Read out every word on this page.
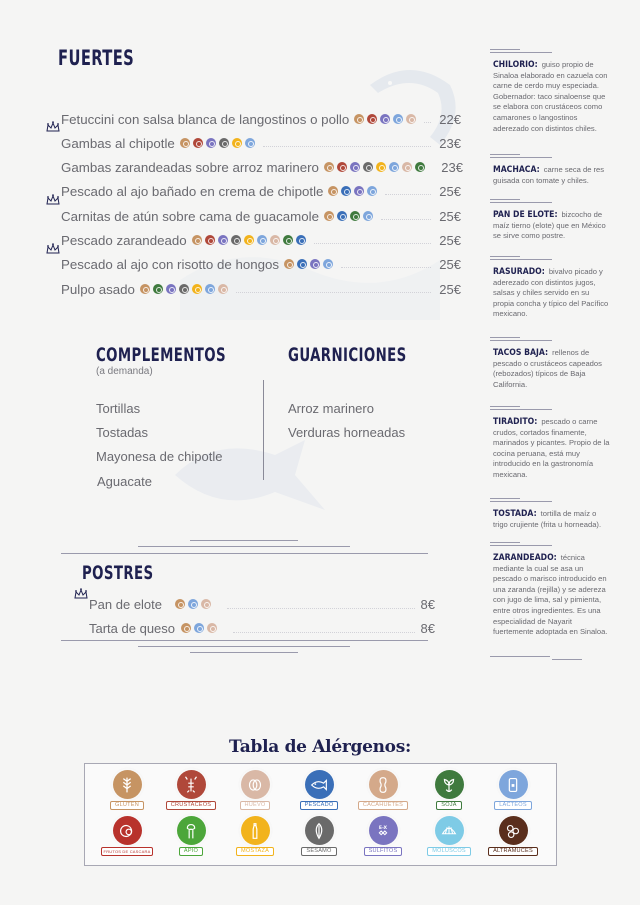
FUERTES
Fetuccini con salsa blanca de langostinos o pollo	22€
Gambas al chipotle	23€
Gambas zarandeadas sobre arroz marinero	23€
Pescado al ajo bañado en crema de chipotle	25€
Carnitas de atún sobre cama de guacamole	25€
Pescado zarandeado	25€
Pescado al ajo con risotto de hongos	25€
Pulpo asado	25€
COMPLEMENTOS
(a demanda)
Tortillas
Tostadas
Mayonesa de chipotle
Aguacate
GUARNICIONES
Arroz marinero
Verduras horneadas
POSTRES
Pan de elote	8€
Tarta de queso	8€
CHILORIO: guiso propio de Sinaloa elaborado en cazuela con carne de cerdo muy especiada. Gobernador: taco sinaloense que se elabora con crustáceos como camarones o langostinos aderezado con distintos chiles.
MACHACA: carne seca de res guisada con tomate y chiles.
PAN DE ELOTE: bizcocho de maíz tierno (elote) que en México se sirve como postre.
RASURADO: bivalvo picado y aderezado con distintos jugos, salsas y chiles servido en su propia concha y típico del Pacífico mexicano.
TACOS BAJA: rellenos de pescado o crustáceos capeados (rebozados) típicos de Baja California.
TIRADITO: pescado o carne crudos, cortados finamente, marinados y picantes. Propio de la cocina peruana, está muy introducido en la gastronomía mexicana.
TOSTADA: tortilla de maíz o trigo crujiente (frita u horneada).
ZARANDEADO: técnica mediante la cual se asa un pescado o marisco introducido en una zaranda (rejilla) y se adereza con jugo de lima, sal y pimienta, entre otros ingredientes. Es una especialidad de Nayarit fuertemente adoptada en Sinaloa.
Tabla de Alérgenos:
GLUTEN	CRUSTACEOS	HUEVO	PESCADO	CACAHUETES	SOJA	LACTEOS
FRUTOS DE CASCARA	APIO	MOSTAZA	SESAMO
E-X
SULFITOS	MOLUSCOS	ALTRAMUCES
